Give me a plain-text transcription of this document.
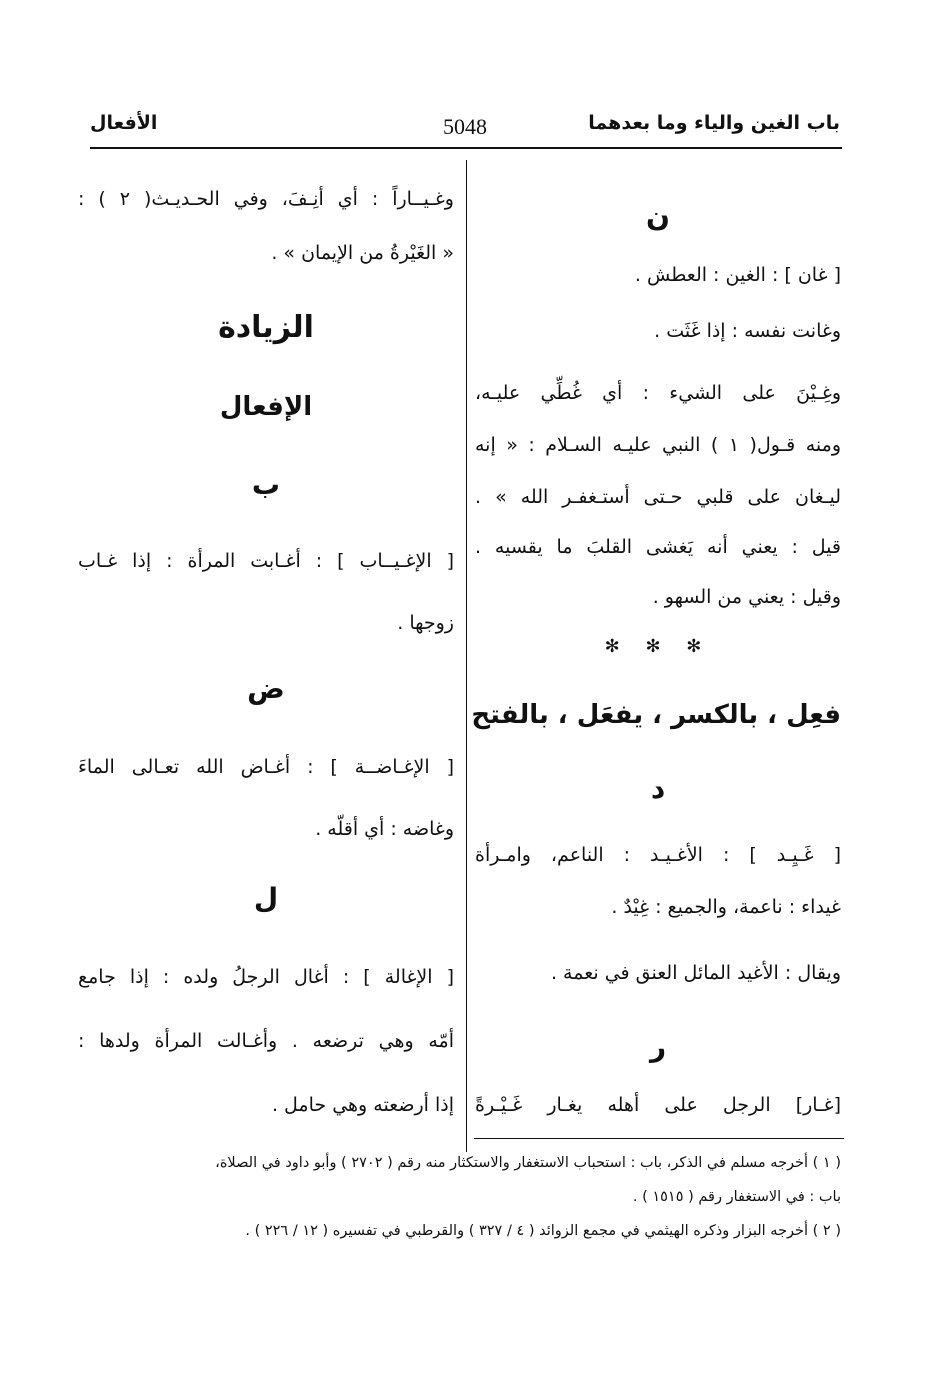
باب الغين والياء وما بعدهما
5048
الأفعال
ن
[ غان ] : الغين : العطش .
وغانت نفسه : إذا غَثَت .
وغِـيْنَ على الشيء : أي غُطِّي عليـه،
ومنه قـول( ١ ) النبي عليـه السـلام : « إنه
ليـغان على قلبي حـتى أستـغفـر الله » .
قيل : يعني أنه يَغشى القلبَ ما يقسيه .
وقيل : يعني من السهو .
✻ ✻ ✻
فعِل ، بالكسر ، يفعَل ، بالفتح
د
[ غَـيِـد ] : الأغـيـد : الناعم، وامـرأة
غيداء : ناعمة، والجميع : غِيْدٌ .
ويقال : الأغيد المائل العنق في نعمة .
ر
[غـار] الرجل على أهله يغـار غَـيْـرةً
وغـيــاراً : أي أنِـفَ، وفي الحـديـث( ٢ ) :
« الغَيْرةُ من الإيمان » .
الزيادة
الإفعال
ب
[ الإغـيــاب ] : أغـابت المرأة : إذا غـاب
زوجها .
ض
[ الإغـاضــة ] : أغـاض الله تعـالى الماءَ
وغاضه : أي أقلّه .
ل
[ الإغالة ] : أغال الرجلُ ولده : إذا جامع
أمّه وهي ترضعه . وأغـالت المرأة ولدها :
إذا أرضعته وهي حامل .
( ١ ) أخرجه مسلم في الذكر، باب : استحباب الاستغفار والاستكثار منه رقم ( ٢٧٠٢ ) وأبو داود في الصلاة،
باب : في الاستغفار رقم ( ١٥١٥ ) .
( ٢ ) أخرجه البزار وذكره الهيثمي في مجمع الزوائد ( ٤ / ٣٢٧ ) والقرطبي في تفسيره ( ١٢ / ٢٢٦ ) .
